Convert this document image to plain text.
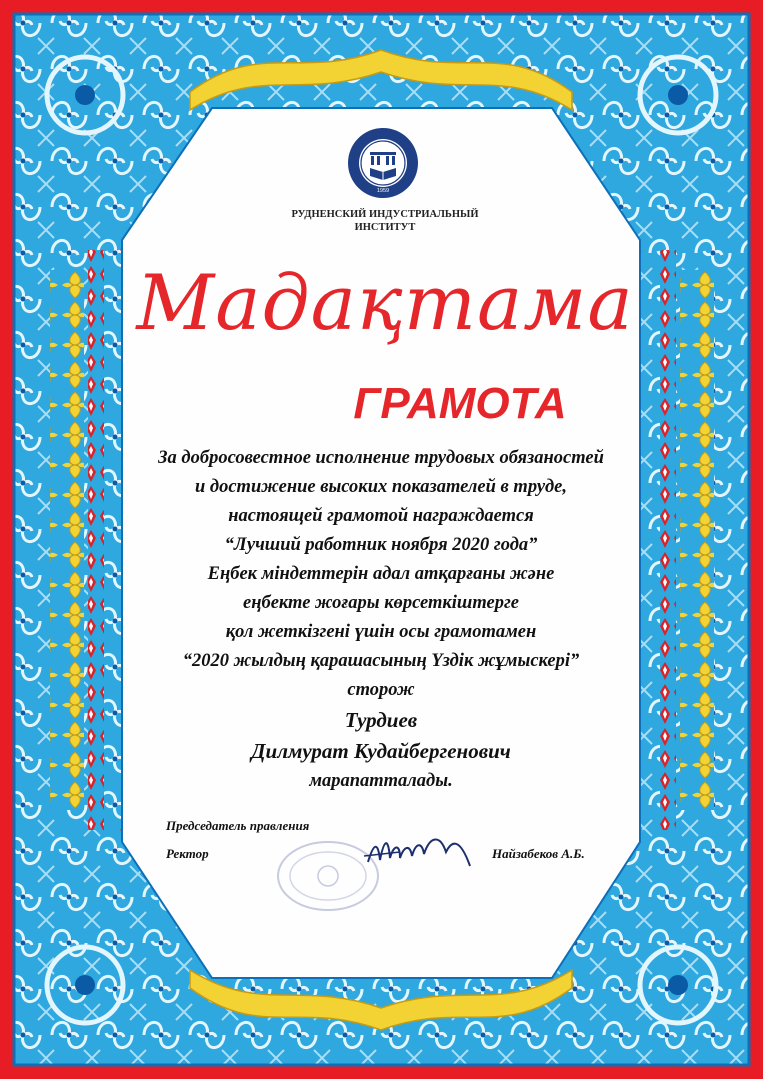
1959
РУДНЕНСКИЙ ИНДУСТРИАЛЬНЫЙ
ИНСТИТУТ
Мадақтама
ГРАМОТА
За добросовестное исполнение трудовых обязаностей
и достижение высоких показателей в труде,
настоящей грамотой награждается
“Лучший работник ноября 2020 года”
Еңбек міндеттерін адал атқарғаны және
еңбекте жоғары көрсеткіштерге
қол жеткізгені үшін осы грамотамен
“2020 жылдың қарашасының Үздік жұмыскері”
сторож
Турдиев
Дилмурат Кудайбергенович
марапатталады.
Председатель правления
Ректор	Найзабеков А.Б.
